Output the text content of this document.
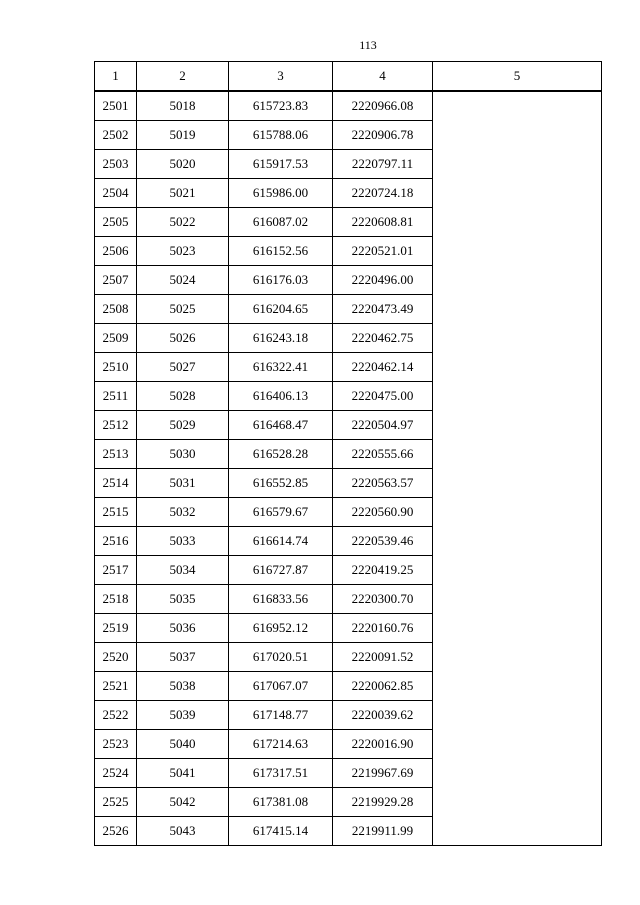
113
1	2	3	4	5
2501	5018	615723.83	2220966.08	
2502	5019	615788.06	2220906.78	
2503	5020	615917.53	2220797.11	
2504	5021	615986.00	2220724.18	
2505	5022	616087.02	2220608.81	
2506	5023	616152.56	2220521.01	
2507	5024	616176.03	2220496.00	
2508	5025	616204.65	2220473.49	
2509	5026	616243.18	2220462.75	
2510	5027	616322.41	2220462.14	
2511	5028	616406.13	2220475.00	
2512	5029	616468.47	2220504.97	
2513	5030	616528.28	2220555.66	
2514	5031	616552.85	2220563.57	
2515	5032	616579.67	2220560.90	
2516	5033	616614.74	2220539.46	
2517	5034	616727.87	2220419.25	
2518	5035	616833.56	2220300.70	
2519	5036	616952.12	2220160.76	
2520	5037	617020.51	2220091.52	
2521	5038	617067.07	2220062.85	
2522	5039	617148.77	2220039.62	
2523	5040	617214.63	2220016.90	
2524	5041	617317.51	2219967.69	
2525	5042	617381.08	2219929.28	
2526	5043	617415.14	2219911.99	
